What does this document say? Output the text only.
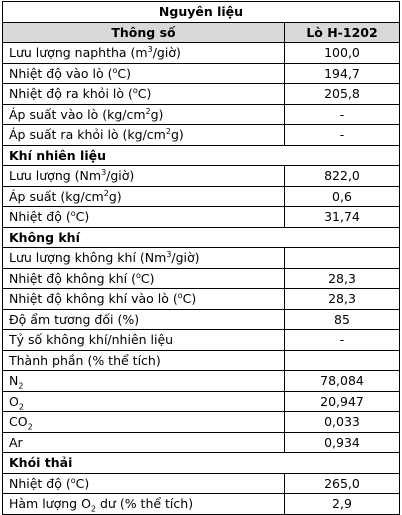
Nguyên liệu	
Thông số	Lò H-1202
Lưu lượng naphtha $(m^3/giờ)$	100,0
Nhiệt độ vào lò ($^o$C)	194,7
Nhiệt độ ra khỏi lò ($^o$C)	205,8
Áp suất vào lò $(kg/cm^2g)$	-
Áp suất ra khỏi lò $(kg/cm^2g)$	-
Khí nhiên liệu	
Lưu lượng (Nm$^3$/giờ)	822,0
Áp suất $(kg/cm^2g)$	0,6
Nhiệt độ ($^o$C)	31,74
Không khí	
Lưu lượng không khí (Nm$^3$/giờ)	
Nhiệt độ không khí ($^o$C)	28,3
Nhiệt độ không khí vào lò ($^o$C)	28,3
Độ ẩm tương đối (%)	85
Tỷ số không khí/nhiên liệu	-
Thành phần (% thể tích)	
$N_2$	78,084
$O_2$	20,947
$CO_2$	0,033
Ar	0,934
Khói thải	
Nhiệt độ ($^o$C)	265,0
Hàm lượng $O_2$ dư (% thể tích)	2,9
